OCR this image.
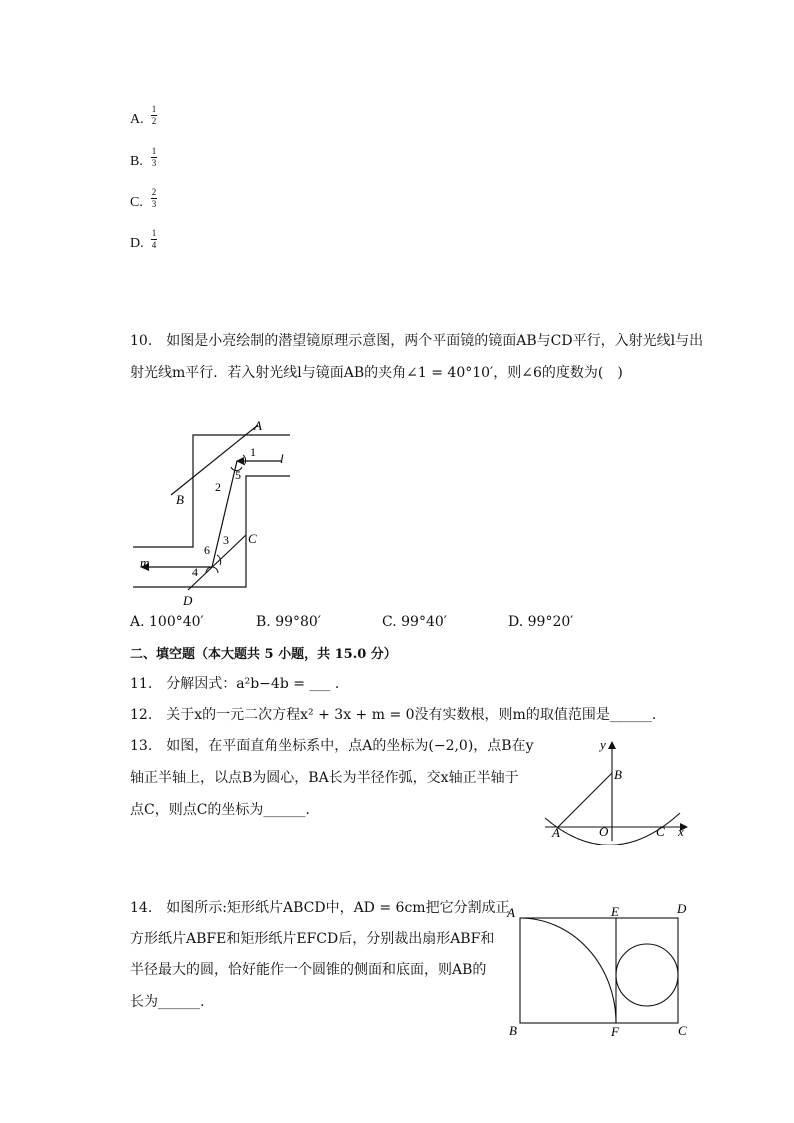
A.
1
2
B.
1
3
C.
2
3
D.
1
4
10.　如图是小亮绘制的潜望镜原理示意图，两个平面镜的镜面AB与CD平行，入射光线l与出
射光线m平行．若入射光线l与镜面AB的夹角∠1 = 40°10′，则∠6的度数为(　)
A
B
C
D
l
m
1
2
3
4
5
6
A. 100°40′	B. 99°80′	C. 99°40′	D. 99°20′
二、填空题（本大题共 5 小题，共 15.0 分）
11.　分解因式：a²b−4b = ___ .
12.　关于x的一元二次方程x² + 3x + m = 0没有实数根，则m的取值范围是______.
13.　如图，在平面直角坐标系中，点A的坐标为(−2,0)，点B在y
轴正半轴上，以点B为圆心，BA长为半径作弧，交x轴正半轴于
点C，则点C的坐标为______.
y
x
A
B
O	C
14.　如图所示:矩形纸片ABCD中，AD = 6cm把它分割成正
方形纸片ABFE和矩形纸片EFCD后，分别裁出扇形ABF和
半径最大的圆，恰好能作一个圆锥的侧面和底面，则AB的
长为______.
A	E	D
B	F	C
